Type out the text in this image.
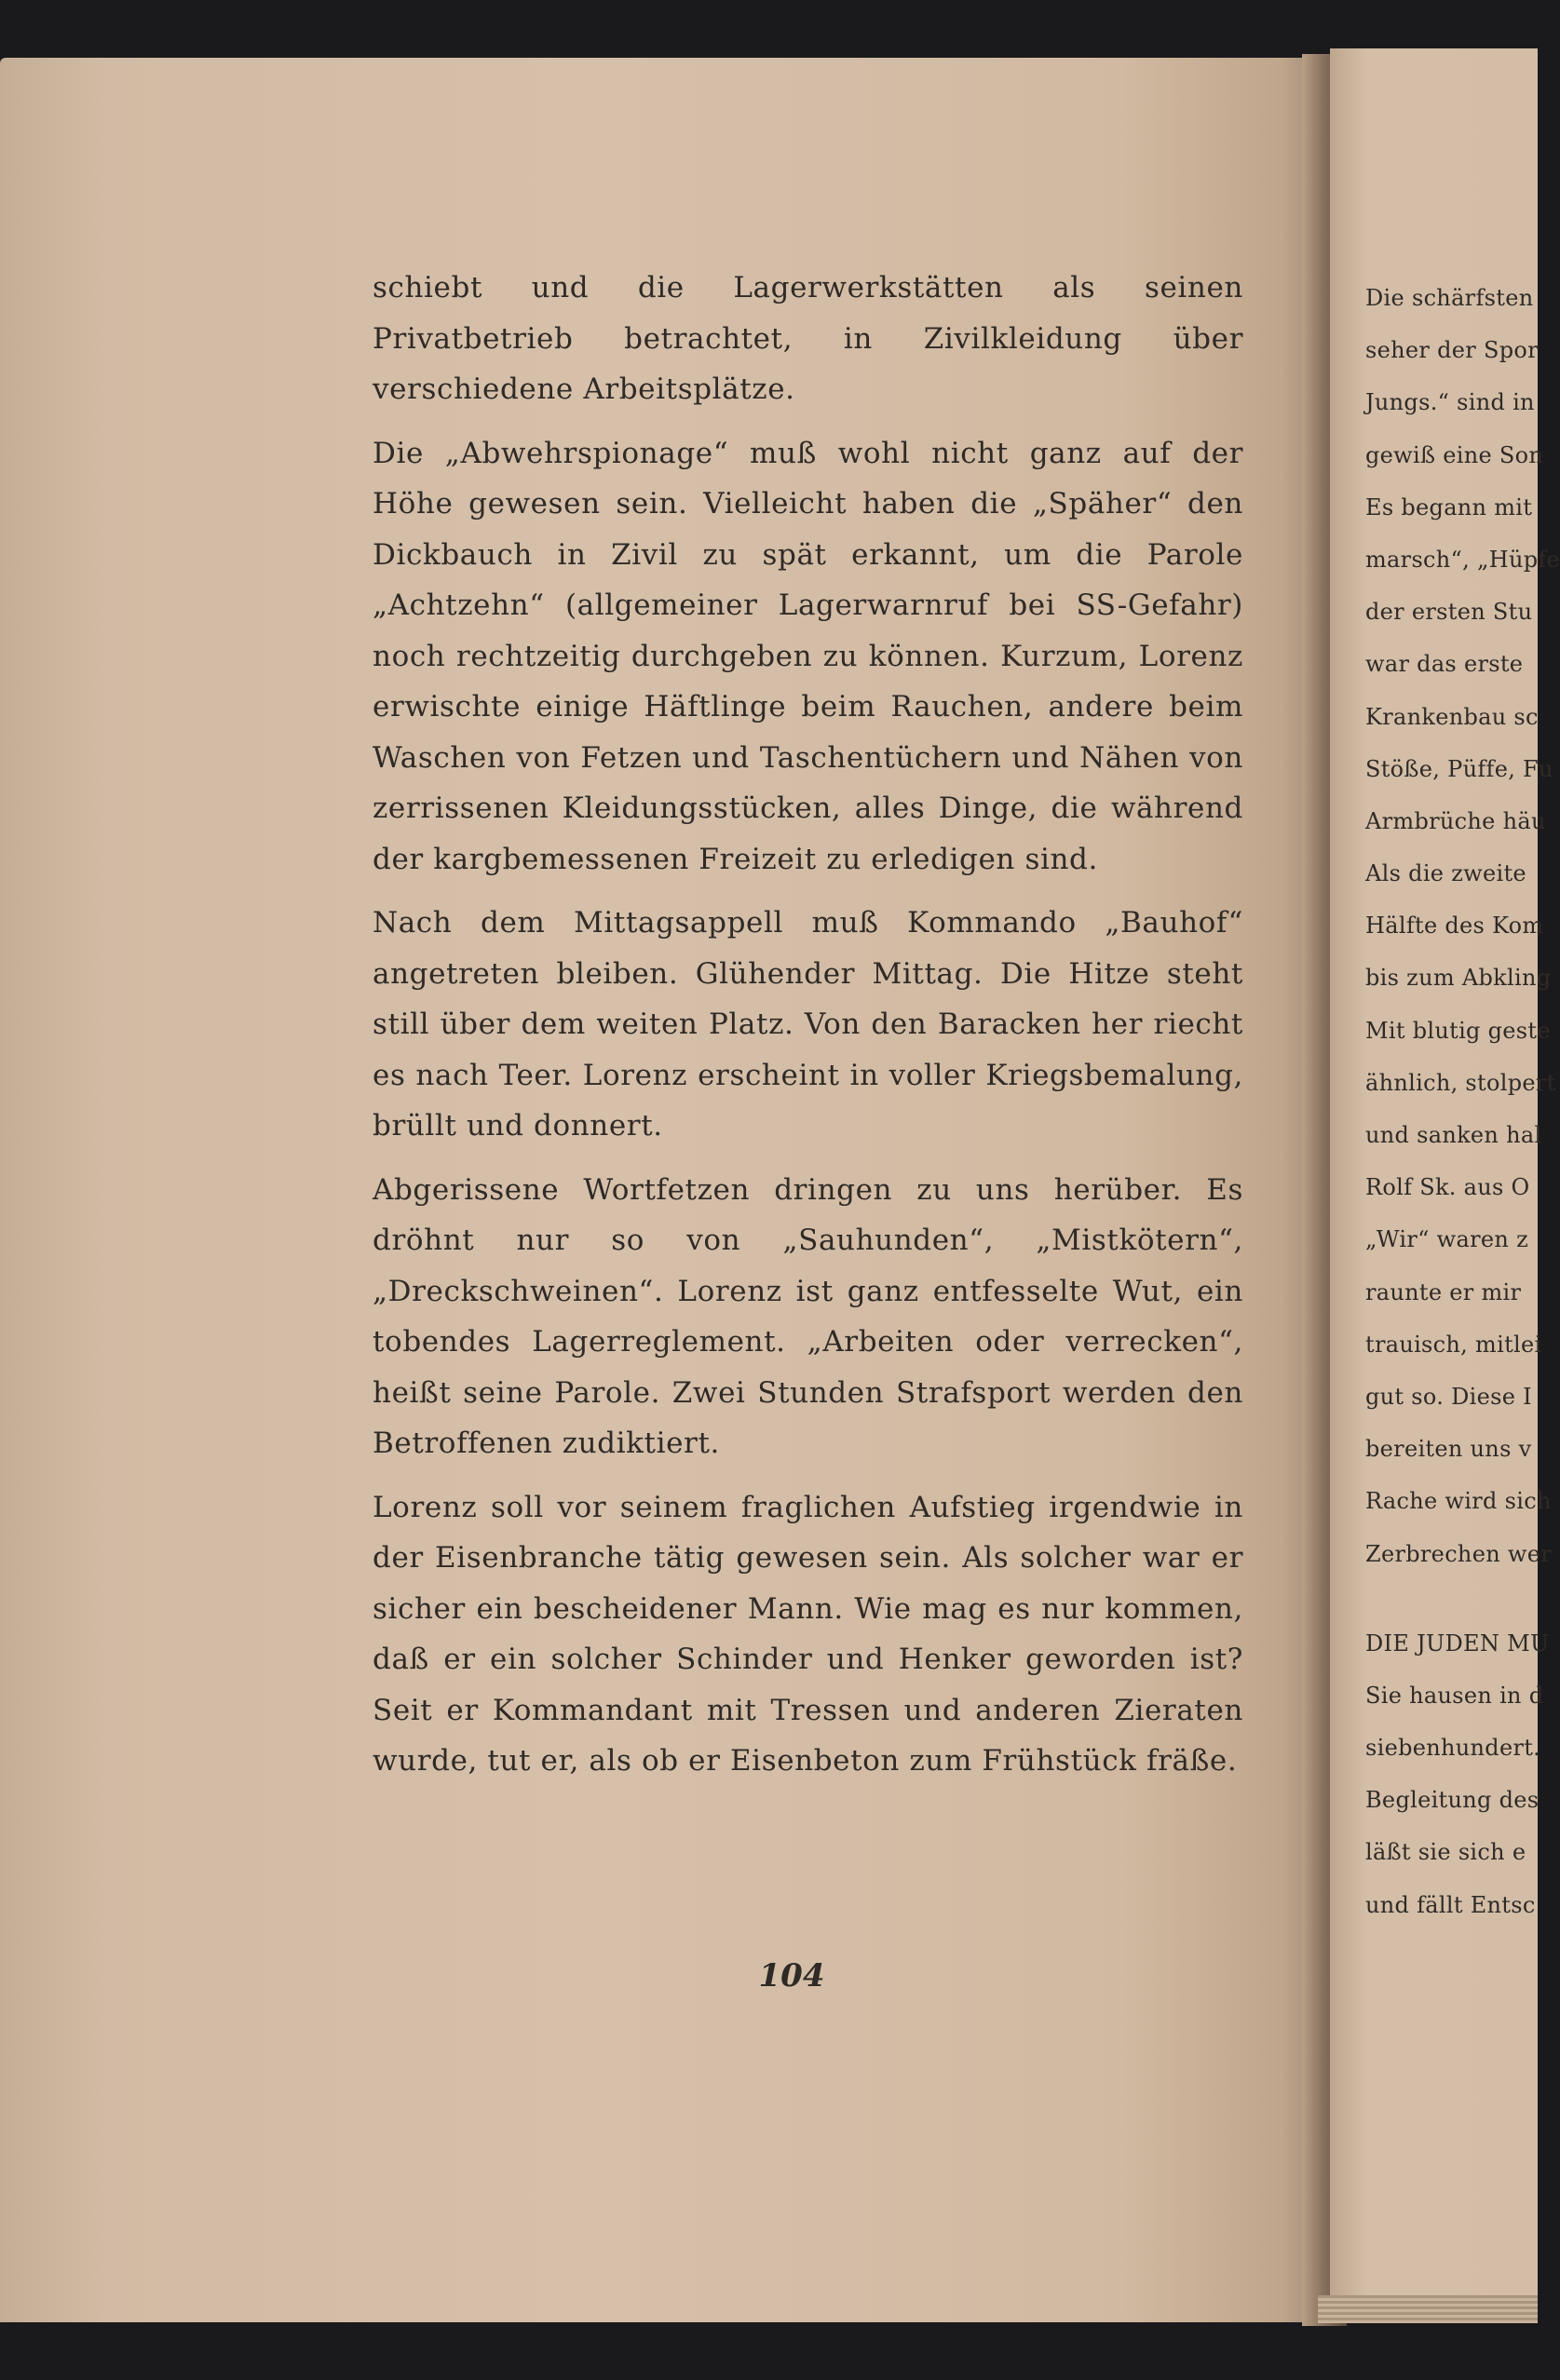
schiebt und die Lagerwerkstätten als seinen Privatbetrieb betrachtet, in Zivilkleidung über verschiedene Arbeitsplätze.

Die „Abwehrspionage“ muß wohl nicht ganz auf der Höhe gewesen sein. Vielleicht haben die „Späher“ den Dickbauch in Zivil zu spät erkannt, um die Parole „Achtzehn“ (allgemeiner Lagerwarnruf bei SS-Gefahr) noch rechtzeitig durchgeben zu können. Kurzum, Lorenz erwischte einige Häftlinge beim Rauchen, andere beim Waschen von Fetzen und Taschentüchern und Nähen von zerrissenen Kleidungsstücken, alles Dinge, die während der kargbemessenen Freizeit zu erledigen sind.

Nach dem Mittagsappell muß Kommando „Bauhof“ angetreten bleiben. Glühender Mittag. Die Hitze steht still über dem weiten Platz. Von den Baracken her riecht es nach Teer. Lorenz erscheint in voller Kriegsbemalung, brüllt und donnert.

Abgerissene Wortfetzen dringen zu uns herüber. Es dröhnt nur so von „Sauhunden“, „Mistkötern“, „Dreckschweinen“. Lorenz ist ganz entfesselte Wut, ein tobendes Lagerreglement. „Arbeiten oder verrecken“, heißt seine Parole. Zwei Stunden Strafsport werden den Betroffenen zudiktiert.

Lorenz soll vor seinem fraglichen Aufstieg irgendwie in der Eisenbranche tätig gewesen sein. Als solcher war er sicher ein bescheidener Mann. Wie mag es nur kommen, daß er ein solcher Schinder und Henker geworden ist? Seit er Kommandant mit Tressen und anderen Zieraten wurde, tut er, als ob er Eisenbeton zum Frühstück fräße.

104
Die schärfsten
seher der Spor
Jungs.“ sind in
gewiß eine Son
Es begann mit
marsch“, „Hüpfe
der ersten Stu
war das erste
Krankenbau sc
Stöße, Püffe, Fu
Armbrüche häu
Als die zweite
Hälfte des Kom
bis zum Abkling
Mit blutig geste
ähnlich, stolpert
und sanken hal
Rolf Sk. aus O
„Wir“ waren z
raunte er mir
trauisch, mitlei
gut so. Diese I
bereiten uns v
Rache wird sich
Zerbrechen wer
DIE JUDEN MU
Sie hausen in d
siebenhundert.
Begleitung des
läßt sie sich e
und fällt Entsc
